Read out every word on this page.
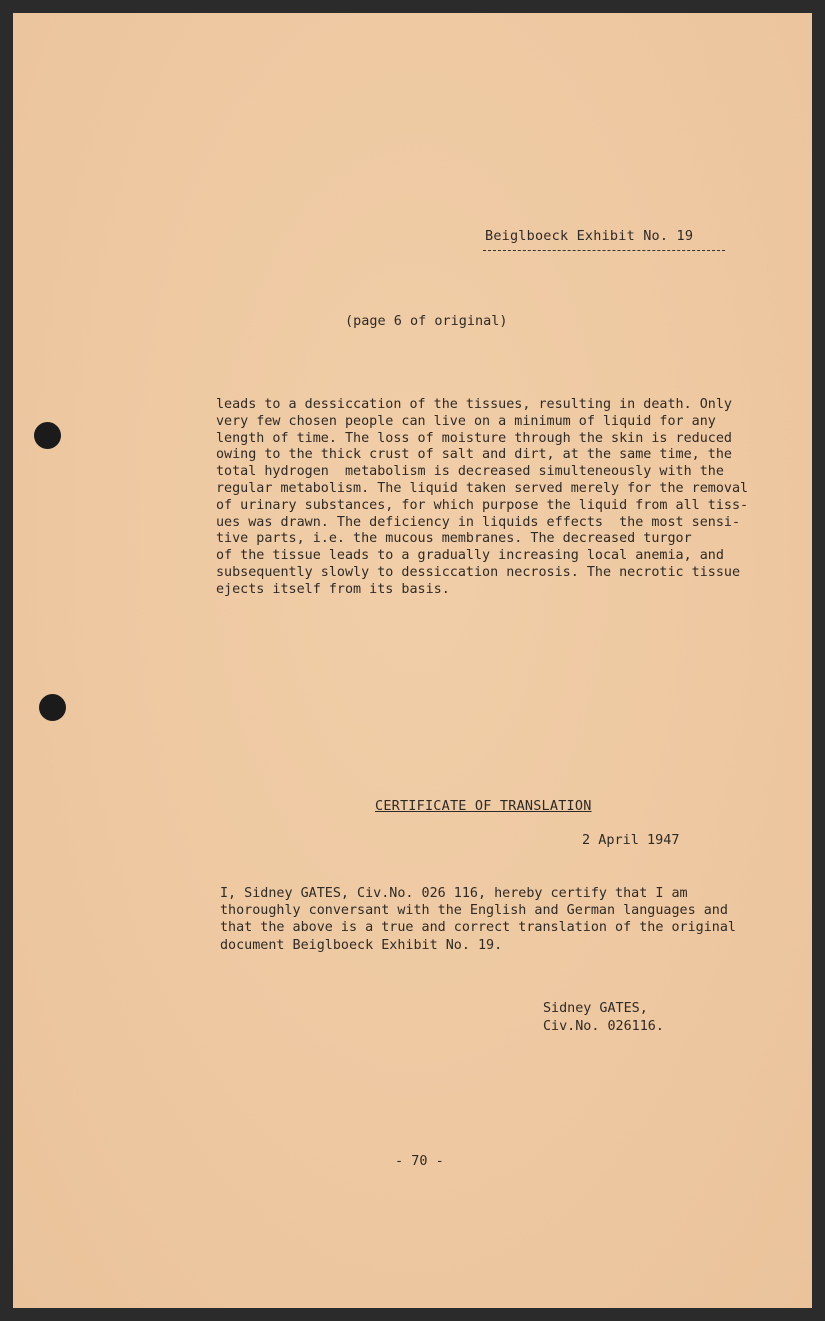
Beiglboeck Exhibit No. 19
(page 6 of original)
leads to a dessiccation of the tissues, resulting in death. Only
very few chosen people can live on a minimum of liquid for any
length of time. The loss of moisture through the skin is reduced
owing to the thick crust of salt and dirt, at the same time, the
total hydrogen  metabolism is decreased simulteneously with the
regular metabolism. The liquid taken served merely for the removal
of urinary substances, for which purpose the liquid from all tiss-
ues was drawn. The deficiency in liquids effects  the most sensi-
tive parts, i.e. the mucous membranes. The decreased turgor
of the tissue leads to a gradually increasing local anemia, and
subsequently slowly to dessiccation necrosis. The necrotic tissue
ejects itself from its basis.
CERTIFICATE OF TRANSLATION
2 April 1947
I, Sidney GATES, Civ.No. 026 116, hereby certify that I am
thoroughly conversant with the English and German languages and
that the above is a true and correct translation of the original
document Beiglboeck Exhibit No. 19.
Sidney GATES,
Civ.No. 026116.
- 70 -
